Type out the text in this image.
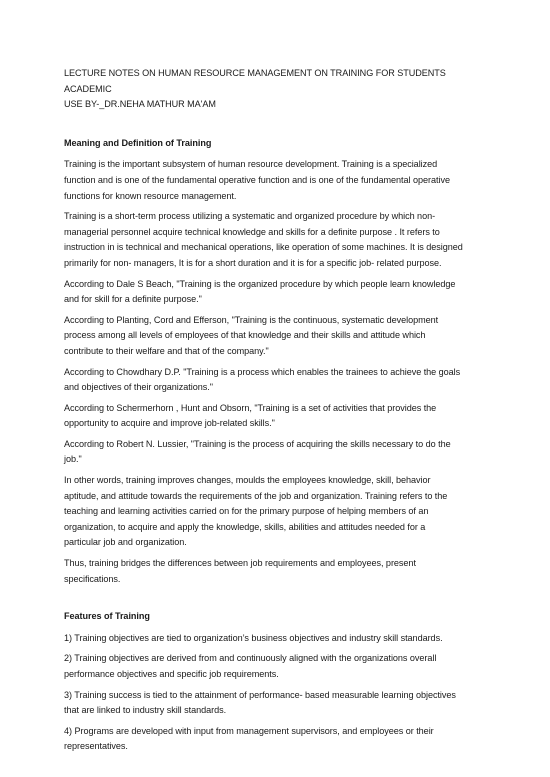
LECTURE NOTES ON HUMAN RESOURCE MANAGEMENT ON TRAINING FOR STUDENTS ACADEMIC

USE BY-_DR.NEHA MATHUR MA'AM

Meaning and Definition of Training

Training is the important subsystem of human resource development. Training is a specialized
function and is one of the fundamental operative function and is one of the fundamental operative
functions for known resource management.
Training is a short-term process utilizing a systematic and organized procedure by which non-
managerial personnel acquire technical knowledge and skills for a definite purpose . It refers to
instruction in is technical and mechanical operations, like operation of some machines. It is designed
primarily for non- managers, It is for a short duration and it is for a specific job- related purpose.
According to Dale S Beach, "Training is the organized procedure by which people learn knowledge
and for skill for a definite purpose."
According to Planting, Cord and Efferson, "Training is the continuous, systematic development
process among all levels of employees of that knowledge and their skills and attitude which
contribute to their welfare and that of the company."
According to Chowdhary D.P. "Training is a process which enables the trainees to achieve the goals
and objectives of their organizations."
According to Schermerhorn , Hunt and Obsorn, "Training is a set of activities that provides the
opportunity to acquire and improve job-related skills."
According to Robert N. Lussier, "Training is the process of acquiring the skills necessary to do the
job."
In other words, training improves changes, moulds the employees knowledge, skill, behavior
aptitude, and attitude towards the requirements of the job and organization. Training refers to the
teaching and learning activities carried on for the primary purpose of helping members of an
organization, to acquire and apply the knowledge, skills, abilities and attitudes needed for a
particular job and organization.
Thus, training bridges the differences between job requirements and employees, present
specifications.

Features of Training

1) Training objectives are tied to organization’s business objectives and industry skill standards.
2) Training objectives are derived from and continuously aligned with the organizations overall
performance objectives and specific job requirements.
3) Training success is tied to the attainment of performance- based measurable learning objectives
that are linked to industry skill standards.
4) Programs are developed with input from management supervisors, and employees or their
representatives.
